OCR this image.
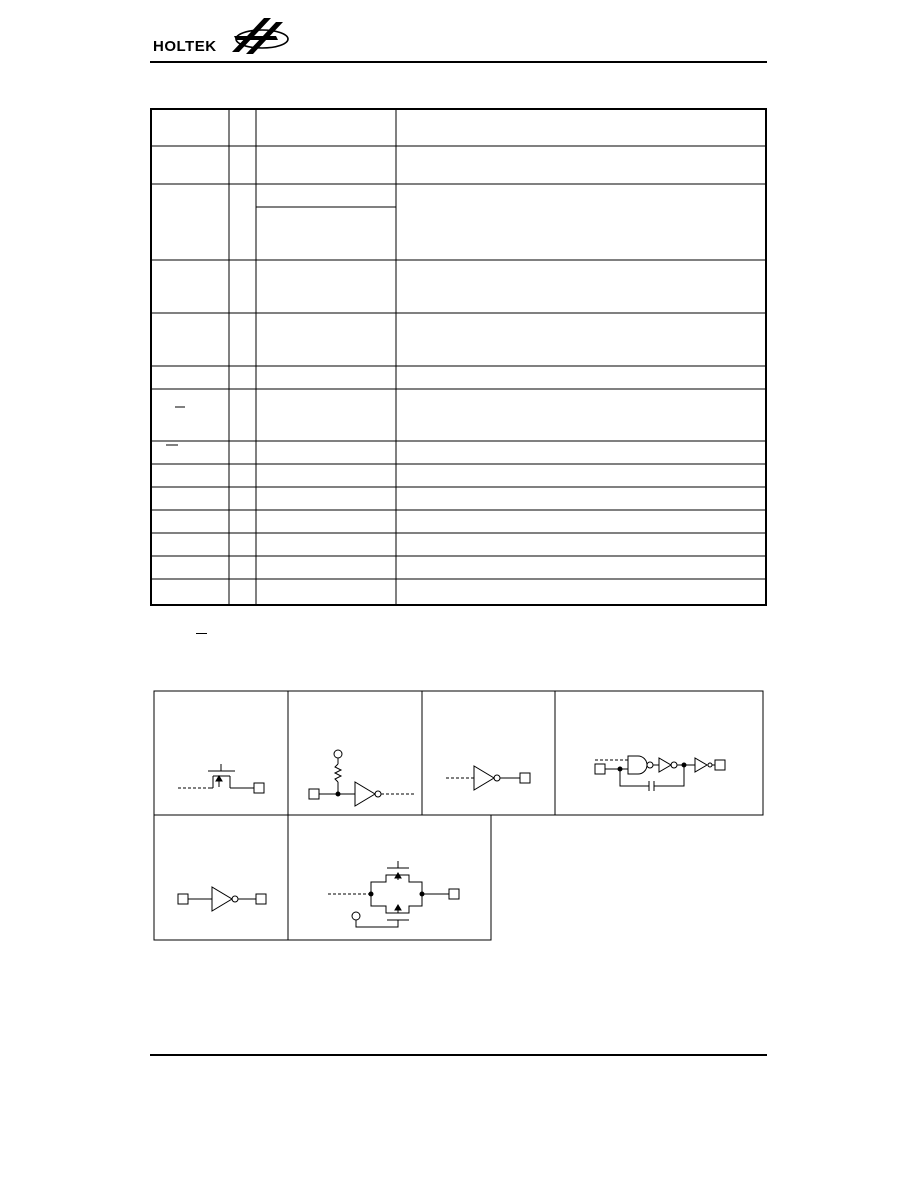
HOLTEK
